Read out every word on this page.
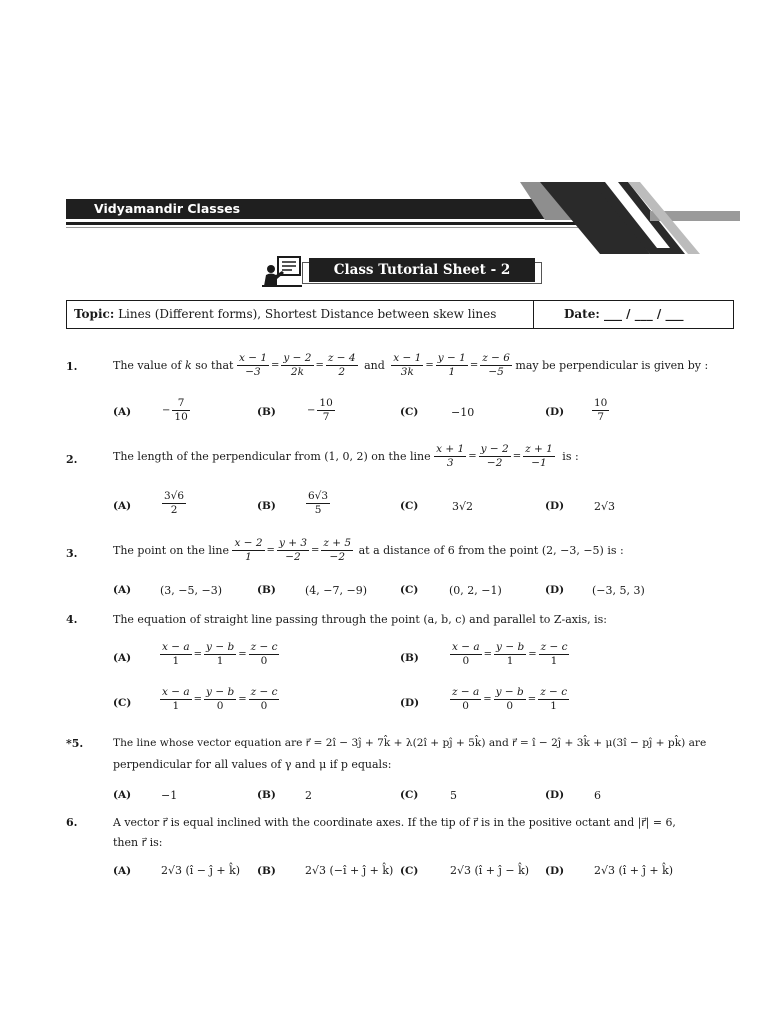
Vidyamandir Classes
Class Tutorial Sheet - 2
Topic: Lines (Different forms), Shortest Distance between skew lines	Date: ___ / ___ / ___
1.	The value of k so that $\frac{x - 1}{-3} = \frac{y - 2}{2k} = \frac{z - 4}{2}$ and $\frac{x - 1}{3k} = \frac{y - 1}{1} = \frac{z - 6}{-5}$ may be perpendicular is given by :
(A)	− $\frac{7}{10}$	(B)	− $\frac{10}{7}$	(C)	−10	(D)	$\frac{10}{7}$
2.	The length of the perpendicular from (1, 0, 2) on the line $\frac{x + 1}{3} = \frac{y - 2}{-2} = \frac{z + 1}{-1}$ is :
(A)	$\frac{3√6}{2}$	(B)	$\frac{6√3}{5}$	(C)	3√2	(D)	2√3
3.	The point on the line $\frac{x - 2}{1} = \frac{y + 3}{-2} = \frac{z + 5}{-2}$ at a distance of 6 from the point (2, −3, −5) is :
(A)	(3, −5, −3)	(B)	(4, −7, −9)	(C)	(0, 2, −1)	(D)	(−3, 5, 3)
4.	The equation of straight line passing through the point (a, b, c) and parallel to Z-axis, is:
(A)	$\frac{x - a}{1} = \frac{y - b}{1} = \frac{z - c}{0}$	(B)	$\frac{x - a}{0} = \frac{y - b}{1} = \frac{z - c}{1}$
(C)	$\frac{x - a}{1} = \frac{y - b}{0} = \frac{z - c}{0}$	(D)	$\frac{z - a}{0} = \frac{y - b}{0} = \frac{z - c}{1}$
*5.	The line whose vector equation are r⃗ = 2î − 3ĵ + 7k̂ + λ(2î + pĵ + 5k̂) and r⃗ = î − 2ĵ + 3k̂ + μ(3î − pĵ + pk̂) are
perpendicular for all values of γ and μ if p equals:
(A)	−1	(B)	2	(C)	5	(D)	6
6.	A vector r⃗ is equal inclined with the coordinate axes. If the tip of r⃗ is in the positive octant and |r⃗| = 6,
then r⃗ is:
(A)	2√3 (î − ĵ + k̂) (B)	2√3 (−î + ĵ + k̂) (C)	2√3 (î + ĵ − k̂) (D)	2√3 (î + ĵ + k̂)
